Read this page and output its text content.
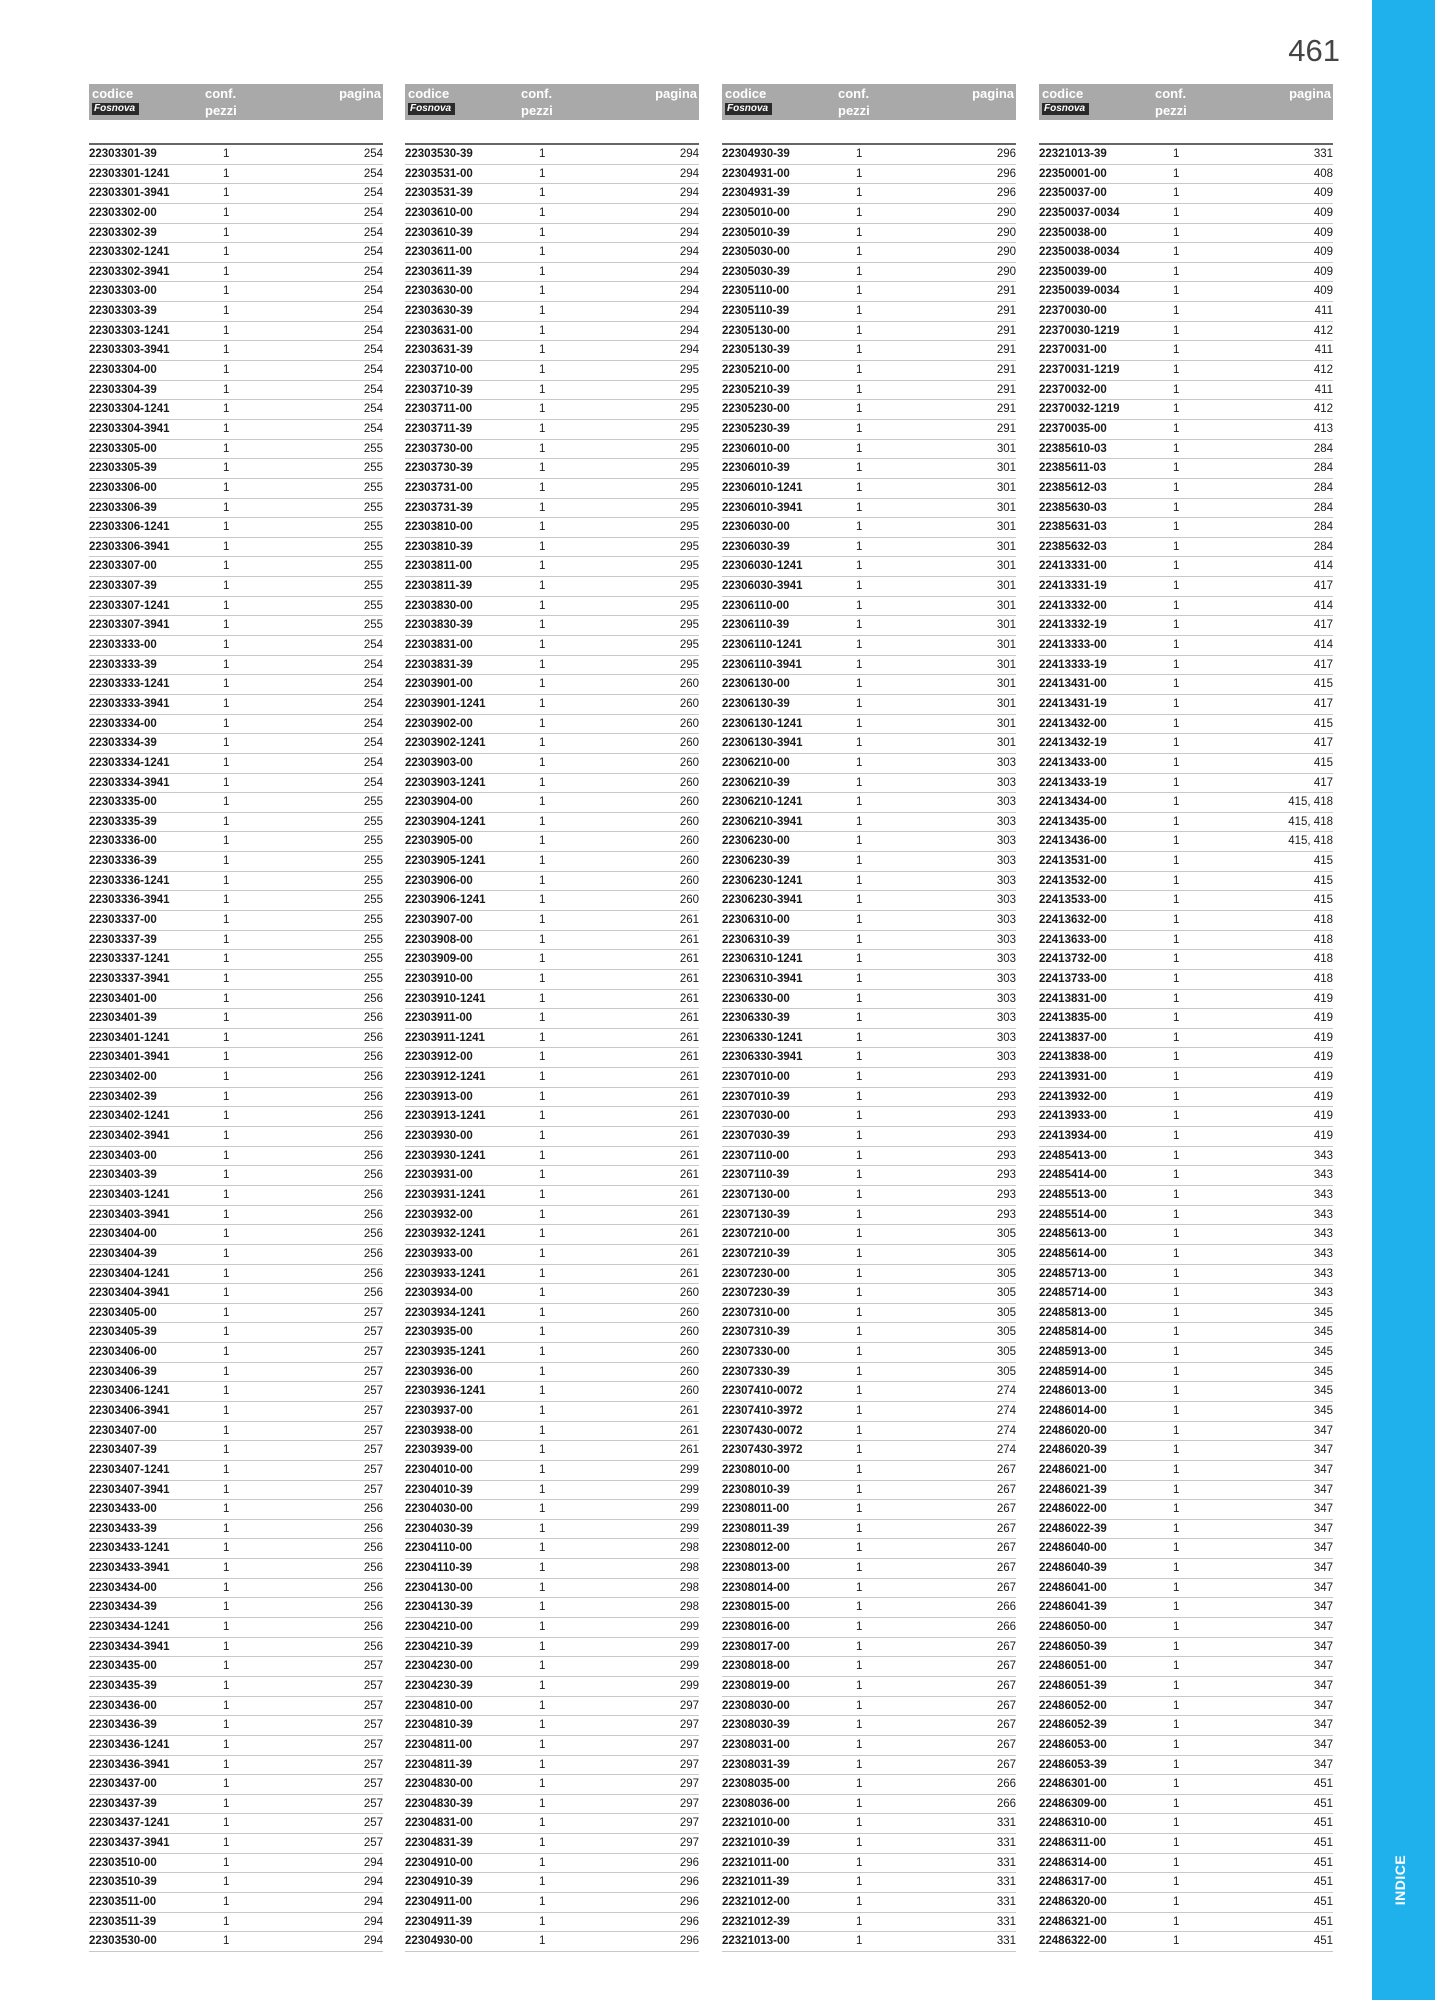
INDICE
461
codice
Fosnova
conf.
pezzi
pagina
22303301-39	1	254
22303301-1241	1	254
22303301-3941	1	254
22303302-00	1	254
22303302-39	1	254
22303302-1241	1	254
22303302-3941	1	254
22303303-00	1	254
22303303-39	1	254
22303303-1241	1	254
22303303-3941	1	254
22303304-00	1	254
22303304-39	1	254
22303304-1241	1	254
22303304-3941	1	254
22303305-00	1	255
22303305-39	1	255
22303306-00	1	255
22303306-39	1	255
22303306-1241	1	255
22303306-3941	1	255
22303307-00	1	255
22303307-39	1	255
22303307-1241	1	255
22303307-3941	1	255
22303333-00	1	254
22303333-39	1	254
22303333-1241	1	254
22303333-3941	1	254
22303334-00	1	254
22303334-39	1	254
22303334-1241	1	254
22303334-3941	1	254
22303335-00	1	255
22303335-39	1	255
22303336-00	1	255
22303336-39	1	255
22303336-1241	1	255
22303336-3941	1	255
22303337-00	1	255
22303337-39	1	255
22303337-1241	1	255
22303337-3941	1	255
22303401-00	1	256
22303401-39	1	256
22303401-1241	1	256
22303401-3941	1	256
22303402-00	1	256
22303402-39	1	256
22303402-1241	1	256
22303402-3941	1	256
22303403-00	1	256
22303403-39	1	256
22303403-1241	1	256
22303403-3941	1	256
22303404-00	1	256
22303404-39	1	256
22303404-1241	1	256
22303404-3941	1	256
22303405-00	1	257
22303405-39	1	257
22303406-00	1	257
22303406-39	1	257
22303406-1241	1	257
22303406-3941	1	257
22303407-00	1	257
22303407-39	1	257
22303407-1241	1	257
22303407-3941	1	257
22303433-00	1	256
22303433-39	1	256
22303433-1241	1	256
22303433-3941	1	256
22303434-00	1	256
22303434-39	1	256
22303434-1241	1	256
22303434-3941	1	256
22303435-00	1	257
22303435-39	1	257
22303436-00	1	257
22303436-39	1	257
22303436-1241	1	257
22303436-3941	1	257
22303437-00	1	257
22303437-39	1	257
22303437-1241	1	257
22303437-3941	1	257
22303510-00	1	294
22303510-39	1	294
22303511-00	1	294
22303511-39	1	294
22303530-00	1	294
codice
Fosnova
conf.
pezzi
pagina
22303530-39	1	294
22303531-00	1	294
22303531-39	1	294
22303610-00	1	294
22303610-39	1	294
22303611-00	1	294
22303611-39	1	294
22303630-00	1	294
22303630-39	1	294
22303631-00	1	294
22303631-39	1	294
22303710-00	1	295
22303710-39	1	295
22303711-00	1	295
22303711-39	1	295
22303730-00	1	295
22303730-39	1	295
22303731-00	1	295
22303731-39	1	295
22303810-00	1	295
22303810-39	1	295
22303811-00	1	295
22303811-39	1	295
22303830-00	1	295
22303830-39	1	295
22303831-00	1	295
22303831-39	1	295
22303901-00	1	260
22303901-1241	1	260
22303902-00	1	260
22303902-1241	1	260
22303903-00	1	260
22303903-1241	1	260
22303904-00	1	260
22303904-1241	1	260
22303905-00	1	260
22303905-1241	1	260
22303906-00	1	260
22303906-1241	1	260
22303907-00	1	261
22303908-00	1	261
22303909-00	1	261
22303910-00	1	261
22303910-1241	1	261
22303911-00	1	261
22303911-1241	1	261
22303912-00	1	261
22303912-1241	1	261
22303913-00	1	261
22303913-1241	1	261
22303930-00	1	261
22303930-1241	1	261
22303931-00	1	261
22303931-1241	1	261
22303932-00	1	261
22303932-1241	1	261
22303933-00	1	261
22303933-1241	1	261
22303934-00	1	260
22303934-1241	1	260
22303935-00	1	260
22303935-1241	1	260
22303936-00	1	260
22303936-1241	1	260
22303937-00	1	261
22303938-00	1	261
22303939-00	1	261
22304010-00	1	299
22304010-39	1	299
22304030-00	1	299
22304030-39	1	299
22304110-00	1	298
22304110-39	1	298
22304130-00	1	298
22304130-39	1	298
22304210-00	1	299
22304210-39	1	299
22304230-00	1	299
22304230-39	1	299
22304810-00	1	297
22304810-39	1	297
22304811-00	1	297
22304811-39	1	297
22304830-00	1	297
22304830-39	1	297
22304831-00	1	297
22304831-39	1	297
22304910-00	1	296
22304910-39	1	296
22304911-00	1	296
22304911-39	1	296
22304930-00	1	296
codice
Fosnova
conf.
pezzi
pagina
22304930-39	1	296
22304931-00	1	296
22304931-39	1	296
22305010-00	1	290
22305010-39	1	290
22305030-00	1	290
22305030-39	1	290
22305110-00	1	291
22305110-39	1	291
22305130-00	1	291
22305130-39	1	291
22305210-00	1	291
22305210-39	1	291
22305230-00	1	291
22305230-39	1	291
22306010-00	1	301
22306010-39	1	301
22306010-1241	1	301
22306010-3941	1	301
22306030-00	1	301
22306030-39	1	301
22306030-1241	1	301
22306030-3941	1	301
22306110-00	1	301
22306110-39	1	301
22306110-1241	1	301
22306110-3941	1	301
22306130-00	1	301
22306130-39	1	301
22306130-1241	1	301
22306130-3941	1	301
22306210-00	1	303
22306210-39	1	303
22306210-1241	1	303
22306210-3941	1	303
22306230-00	1	303
22306230-39	1	303
22306230-1241	1	303
22306230-3941	1	303
22306310-00	1	303
22306310-39	1	303
22306310-1241	1	303
22306310-3941	1	303
22306330-00	1	303
22306330-39	1	303
22306330-1241	1	303
22306330-3941	1	303
22307010-00	1	293
22307010-39	1	293
22307030-00	1	293
22307030-39	1	293
22307110-00	1	293
22307110-39	1	293
22307130-00	1	293
22307130-39	1	293
22307210-00	1	305
22307210-39	1	305
22307230-00	1	305
22307230-39	1	305
22307310-00	1	305
22307310-39	1	305
22307330-00	1	305
22307330-39	1	305
22307410-0072	1	274
22307410-3972	1	274
22307430-0072	1	274
22307430-3972	1	274
22308010-00	1	267
22308010-39	1	267
22308011-00	1	267
22308011-39	1	267
22308012-00	1	267
22308013-00	1	267
22308014-00	1	267
22308015-00	1	266
22308016-00	1	266
22308017-00	1	267
22308018-00	1	267
22308019-00	1	267
22308030-00	1	267
22308030-39	1	267
22308031-00	1	267
22308031-39	1	267
22308035-00	1	266
22308036-00	1	266
22321010-00	1	331
22321010-39	1	331
22321011-00	1	331
22321011-39	1	331
22321012-00	1	331
22321012-39	1	331
22321013-00	1	331
codice
Fosnova
conf.
pezzi
pagina
22321013-39	1	331
22350001-00	1	408
22350037-00	1	409
22350037-0034	1	409
22350038-00	1	409
22350038-0034	1	409
22350039-00	1	409
22350039-0034	1	409
22370030-00	1	411
22370030-1219	1	412
22370031-00	1	411
22370031-1219	1	412
22370032-00	1	411
22370032-1219	1	412
22370035-00	1	413
22385610-03	1	284
22385611-03	1	284
22385612-03	1	284
22385630-03	1	284
22385631-03	1	284
22385632-03	1	284
22413331-00	1	414
22413331-19	1	417
22413332-00	1	414
22413332-19	1	417
22413333-00	1	414
22413333-19	1	417
22413431-00	1	415
22413431-19	1	417
22413432-00	1	415
22413432-19	1	417
22413433-00	1	415
22413433-19	1	417
22413434-00	1	415, 418
22413435-00	1	415, 418
22413436-00	1	415, 418
22413531-00	1	415
22413532-00	1	415
22413533-00	1	415
22413632-00	1	418
22413633-00	1	418
22413732-00	1	418
22413733-00	1	418
22413831-00	1	419
22413835-00	1	419
22413837-00	1	419
22413838-00	1	419
22413931-00	1	419
22413932-00	1	419
22413933-00	1	419
22413934-00	1	419
22485413-00	1	343
22485414-00	1	343
22485513-00	1	343
22485514-00	1	343
22485613-00	1	343
22485614-00	1	343
22485713-00	1	343
22485714-00	1	343
22485813-00	1	345
22485814-00	1	345
22485913-00	1	345
22485914-00	1	345
22486013-00	1	345
22486014-00	1	345
22486020-00	1	347
22486020-39	1	347
22486021-00	1	347
22486021-39	1	347
22486022-00	1	347
22486022-39	1	347
22486040-00	1	347
22486040-39	1	347
22486041-00	1	347
22486041-39	1	347
22486050-00	1	347
22486050-39	1	347
22486051-00	1	347
22486051-39	1	347
22486052-00	1	347
22486052-39	1	347
22486053-00	1	347
22486053-39	1	347
22486301-00	1	451
22486309-00	1	451
22486310-00	1	451
22486311-00	1	451
22486314-00	1	451
22486317-00	1	451
22486320-00	1	451
22486321-00	1	451
22486322-00	1	451
